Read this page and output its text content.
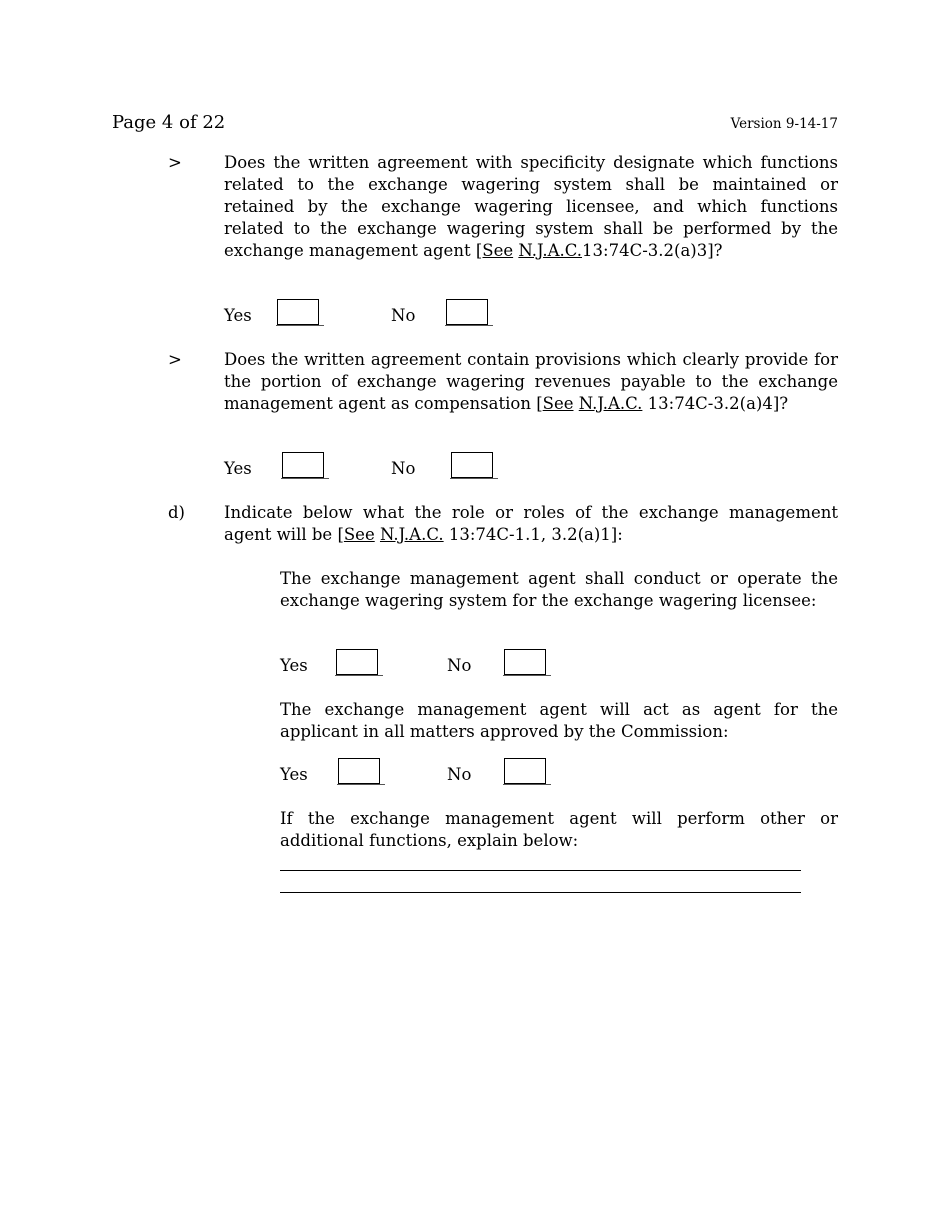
Page 4 of 22	Version 9-14-17
>	Does the written agreement with specificity designate which functions related to the exchange wagering system shall be maintained or retained by the exchange wagering licensee, and which functions related to the exchange wagering system shall be performed by the exchange management agent [See N.J.A.C.13:74C-3.2(a)3]?
Yes	No
>	Does the written agreement contain provisions which clearly provide for the portion of exchange wagering revenues payable to the exchange management agent as compensation [See N.J.A.C. 13:74C-3.2(a)4]?
Yes	No
d) Indicate below what the role or roles of the exchange management agent will be [See N.J.A.C. 13:74C-1.1, 3.2(a)1]:
The exchange management agent shall conduct or operate the exchange wagering system for the exchange wagering licensee:
Yes	No
The exchange management agent will act as agent for the applicant in all matters approved by the Commission:
Yes	No
If the exchange management agent will perform other or additional functions, explain below:
